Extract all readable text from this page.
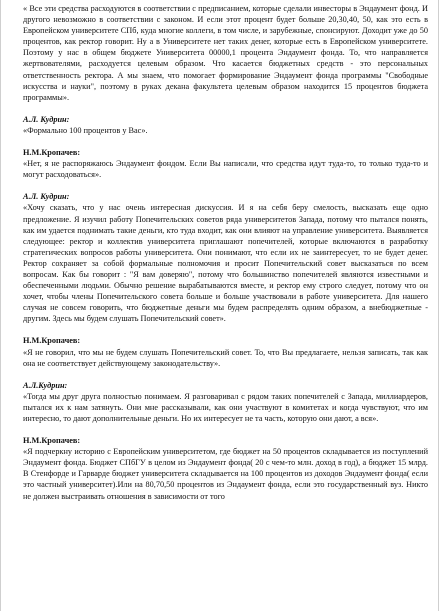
« Все эти средства расходуются в соответствии с предписанием, которые сделали инвесторы в Эндаумент фонд. И другого невозможно в соответствии с законом. И если этот процент будет больше 20,30,40, 50, как это есть в Европейском университете СПб, куда многие коллеги, в том числе, и зарубежные, спонсируют. Доходит уже до 50 процентов, как ректор говорит. Ну а в Университете нет таких денег, которые есть в Европейском университете. Поэтому у нас в общем бюджете Университета 00000,1 процента Эндаумент фонда. То, что направляется жертвователями, расходуется целевым образом. Что касается бюджетных средств - это персональных ответственность ректора. А мы знаем, что помогает формирование Эндаумент фонда программы "Свободные искусства и науки", поэтому в руках декана факультета целевым образом находится 15 процентов бюджета программы».

А.Л. Кудрин:

«Формально 100 процентов у Вас».

Н.М.Кропачев:

«Нет, я не распоряжаюсь Эндаумент фондом. Если Вы написали, что средства идут туда-то, то только туда-то и могут расходоваться».

А.Л. Кудрин:

«Хочу сказать, что у нас очень интересная дискуссия. И я на себя беру смелость, высказать еще одно предложение. Я изучил работу Попечительских советов ряда университетов Запада, потому что пытался понять, как им удается поднимать такие деньги, кто туда входит, как они влияют на управление университета. Выявляется следующее: ректор и коллектив университета приглашают попечителей, которые включаются в разработку стратегических вопросов работы университета. Они понимают, что если их не заинтересует, то не будет денег. Ректор сохраняет за собой формальные полномочия и просит Попечительский совет высказаться по всем вопросам. Как бы говорит : "Я вам доверяю", потому что большинство попечителей являются известными и обеспеченными людьми. Обычно решение вырабатываются вместе, и ректор ему строго следует, потому что он хочет, чтобы члены Попечительского совета больше и больше участвовали в работе университета. Для нашего случая не совсем говорить, что бюджетные деньги мы будем распределять одним образом, а внебюджетные - другим. Здесь мы будем слушать Попечительский совет».

Н.М.Кропачев:

«Я не говорил, что мы не будем слушать Попечительский совет. То, что Вы предлагаете, нельзя записать, так как она не соответствует действующему законодательству».

А.Л.Кудрин:

«Тогда мы друг друга полностью понимаем. Я разговаривал с рядом таких попечителей с Запада, миллиардеров, пытался их к нам затянуть. Они мне рассказывали, как они участвуют в комитетах и когда чувствуют, что им интересно, то дают дополнительные деньги. Но их интересует не та часть, которую они дают, а вся».

Н.М.Кропачев:

«Я подчеркну историю с Европейским университетом, где бюджет на 50 процентов складывается из поступлений Эндаумент фонда. Бюджет СПбГУ в целом из Эндаумент фонда( 20 с чем-то млн. доход в год), а бюджет 15 млрд. В Стенфорде и Гарварде бюджет университета складывается на 100 процентов из доходов Эндаумент фонда( если это частный университет).Или на 80,70,50 процентов из Эндаумент фонда, если это государственный вуз. Никто не должен выстраивать отношения в зависимости от того
